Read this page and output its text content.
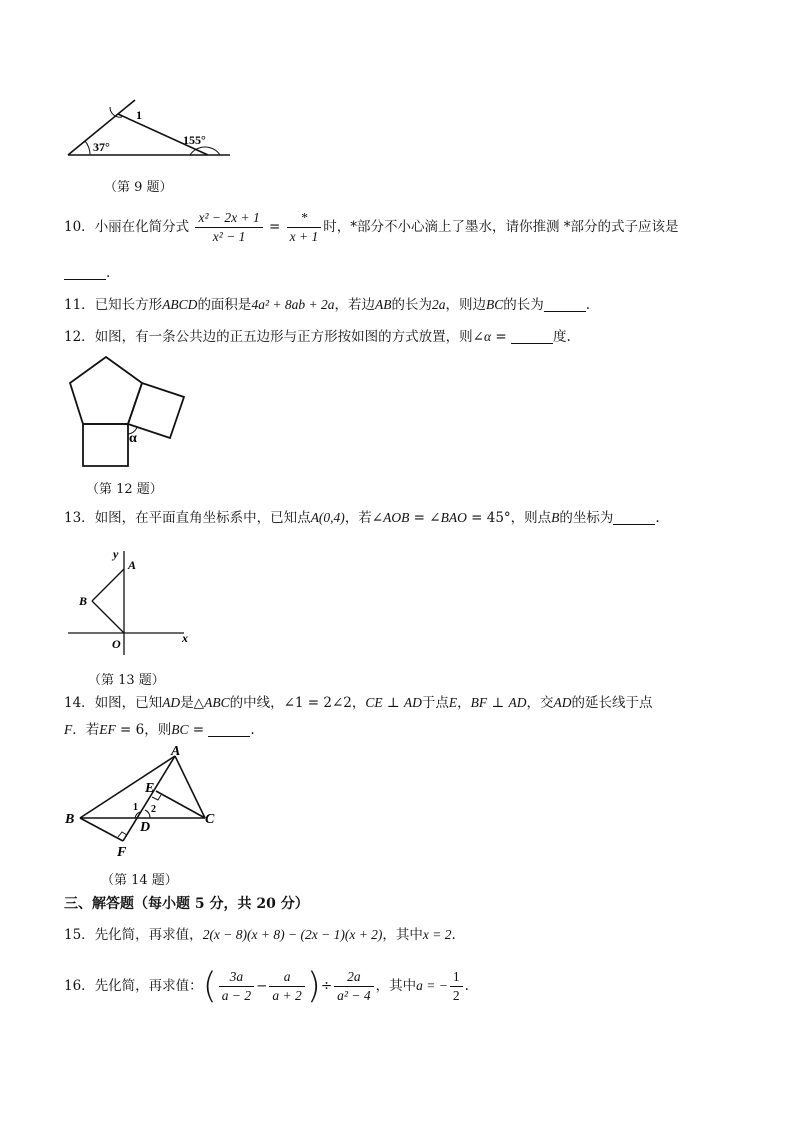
1
155°
37°
（第 9 题）
10．小丽在化简分式 $\frac{\text{x² − 2x + 1}}{\text{x² − 1}} = \frac{*}{x + 1}$ 时，*部分不小心滴上了墨水，请你推测 *部分的式子应该是
.
11．已知长方形ABCD的面积是4a² + 8ab + 2a，若边AB的长为2a，则边BC的长为	.
12．如图，有一条公共边的正五边形与正方形按如图的方式放置，则∠α =	度.
α
（第 12 题）
13．如图，在平面直角坐标系中，已知点A(0,4)，若∠AOB = ∠BAO = 45°，则点B的坐标为	.
y
A
B
O	x
（第 13 题）
14．如图，已知AD是△ABC的中线，∠1 = 2∠2，CE ⊥ AD于点E，BF ⊥ AD，交AD的延长线于点
F．若EF = 6，则BC =	.
A
E
B	C
D
F
1 2
（第 14 题）
三、解答题（每小题 5 分，共 20 分）
15．先化简，再求值，2(x − 8)(x + 8) − (2x − 1)(x + 2)，其中x = 2.
16．先化简，再求值：( $\frac{3a}{a - 2} - \frac{a}{a + 2}$ )÷ $\frac{2a}{\text{a² − 4}}$ ，其中a = − $\frac{1}{2}$ .
